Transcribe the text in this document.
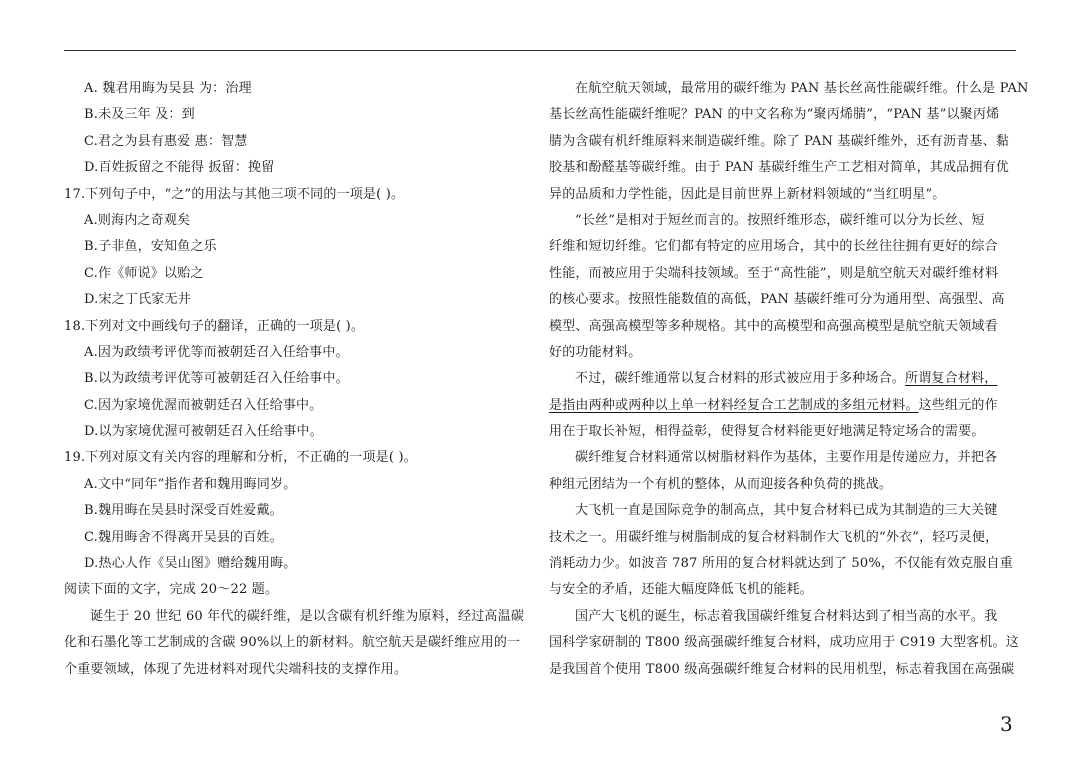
A. 魏君用晦为吴县 为：治理
B.未及三年 及：到
C.君之为县有惠爱 惠：智慧
D.百姓扳留之不能得 扳留：挽留
17.下列句子中，“之”的用法与其他三项不同的一项是( )。
A.则海内之奇观矣
B.子非鱼，安知鱼之乐
C.作《师说》以贻之
D.宋之丁氏家无井
18.下列对文中画线句子的翻译，正确的一项是( )。
A.因为政绩考评优等而被朝廷召入任给事中。
B.以为政绩考评优等可被朝廷召入任给事中。
C.因为家境优渥而被朝廷召入任给事中。
D.以为家境优渥可被朝廷召入任给事中。
19.下列对原文有关内容的理解和分析，不正确的一项是( )。
A.文中“同年”指作者和魏用晦同岁。
B.魏用晦在吴县时深受百姓爱戴。
C.魏用晦舍不得离开吴县的百姓。
D.热心人作《吴山图》赠给魏用晦。
阅读下面的文字，完成 20～22 题。
诞生于 20 世纪 60 年代的碳纤维，是以含碳有机纤维为原料，经过高温碳
化和石墨化等工艺制成的含碳 90%以上的新材料。航空航天是碳纤维应用的一
个重要领域，体现了先进材料对现代尖端科技的支撑作用。
在航空航天领域，最常用的碳纤维为 PAN 基长丝高性能碳纤维。什么是 PAN
基长丝高性能碳纤维呢？PAN 的中文名称为“聚丙烯腈”，“PAN 基”以聚丙烯
腈为含碳有机纤维原料来制造碳纤维。除了 PAN 基碳纤维外，还有沥青基、黏
胶基和酚醛基等碳纤维。由于 PAN 基碳纤维生产工艺相对简单，其成品拥有优
异的品质和力学性能，因此是目前世界上新材料领域的“当红明星”。
“长丝”是相对于短丝而言的。按照纤维形态，碳纤维可以分为长丝、短
纤维和短切纤维。它们都有特定的应用场合，其中的长丝往往拥有更好的综合
性能，而被应用于尖端科技领域。至于“高性能”，则是航空航天对碳纤维材料
的核心要求。按照性能数值的高低，PAN 基碳纤维可分为通用型、高强型、高
模型、高强高模型等多种规格。其中的高模型和高强高模型是航空航天领域看
好的功能材料。
不过，碳纤维通常以复合材料的形式被应用于多种场合。所谓复合材料，
是指由两种或两种以上单一材料经复合工艺制成的多组元材料。这些组元的作
用在于取长补短，相得益彰，使得复合材料能更好地满足特定场合的需要。
碳纤维复合材料通常以树脂材料作为基体，主要作用是传递应力，并把各
种组元团结为一个有机的整体，从而迎接各种负荷的挑战。
大飞机一直是国际竞争的制高点，其中复合材料已成为其制造的三大关键
技术之一。用碳纤维与树脂制成的复合材料制作大飞机的“外衣”，轻巧灵便，
消耗动力少。如波音 787 所用的复合材料就达到了 50%，不仅能有效克服自重
与安全的矛盾，还能大幅度降低飞机的能耗。
国产大飞机的诞生，标志着我国碳纤维复合材料达到了相当高的水平。我
国科学家研制的 T800 级高强碳纤维复合材料，成功应用于 C919 大型客机。这
是我国首个使用 T800 级高强碳纤维复合材料的民用机型，标志着我国在高强碳
3
